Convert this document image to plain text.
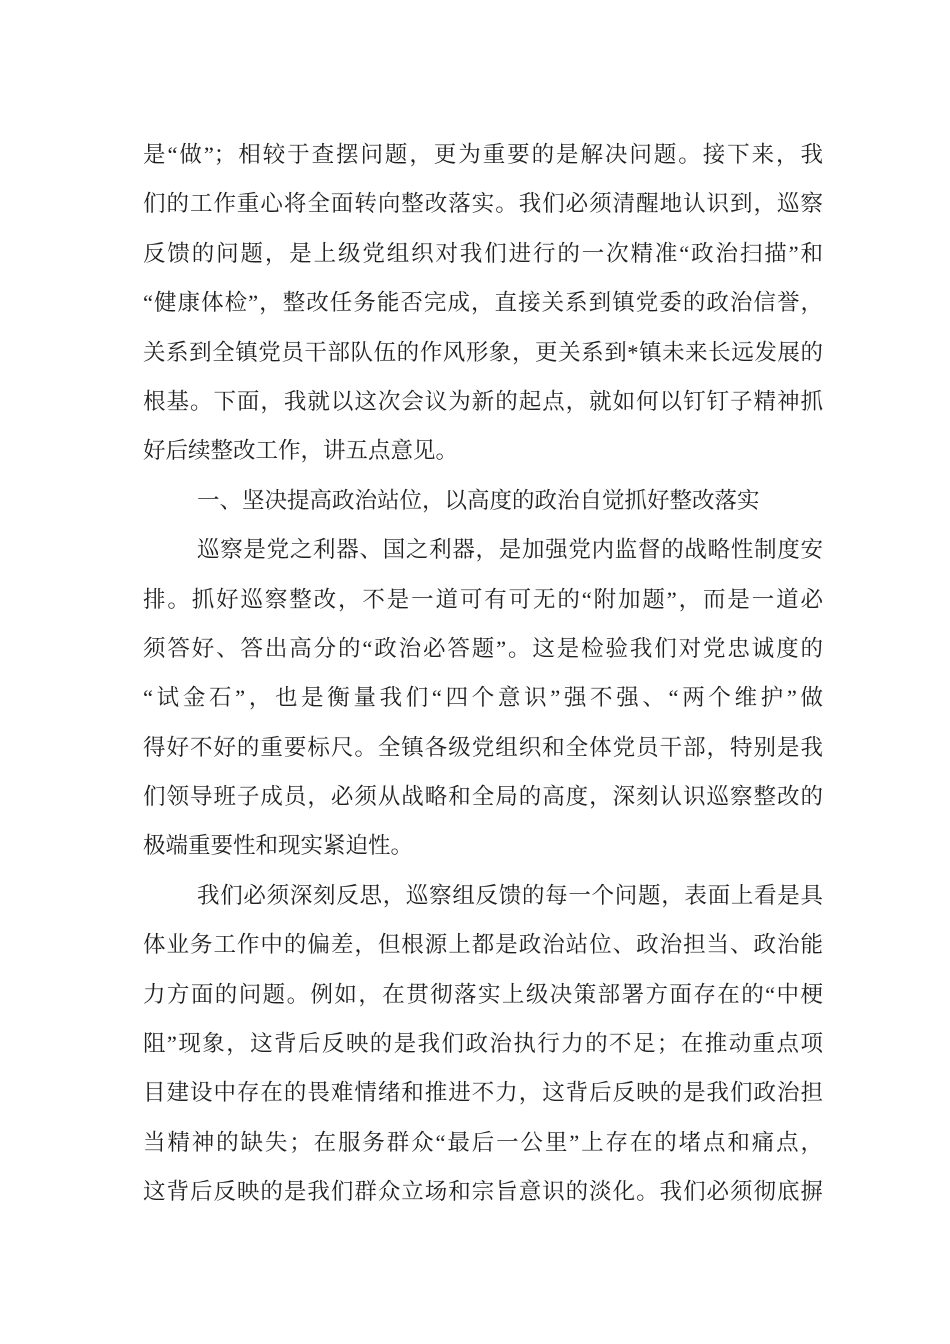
是“做”；相较于查摆问题，更为重要的是解决问题。接下来，我
们的工作重心将全面转向整改落实。我们必须清醒地认识到，巡察
反馈的问题，是上级党组织对我们进行的一次精准“政治扫描”和
“健康体检”，整改任务能否完成，直接关系到镇党委的政治信誉，
关系到全镇党员干部队伍的作风形象，更关系到*镇未来长远发展的
根基。下面，我就以这次会议为新的起点，就如何以钉钉子精神抓
好后续整改工作，讲五点意见。
一、坚决提高政治站位，以高度的政治自觉抓好整改落实
巡察是党之利器、国之利器，是加强党内监督的战略性制度安
排。抓好巡察整改，不是一道可有可无的“附加题”，而是一道必
须答好、答出高分的“政治必答题”。这是检验我们对党忠诚度的
“试金石”，也是衡量我们“四个意识”强不强、“两个维护”做
得好不好的重要标尺。全镇各级党组织和全体党员干部，特别是我
们领导班子成员，必须从战略和全局的高度，深刻认识巡察整改的
极端重要性和现实紧迫性。
我们必须深刻反思，巡察组反馈的每一个问题，表面上看是具
体业务工作中的偏差，但根源上都是政治站位、政治担当、政治能
力方面的问题。例如，在贯彻落实上级决策部署方面存在的“中梗
阻”现象，这背后反映的是我们政治执行力的不足；在推动重点项
目建设中存在的畏难情绪和推进不力，这背后反映的是我们政治担
当精神的缺失；在服务群众“最后一公里”上存在的堵点和痛点，
这背后反映的是我们群众立场和宗旨意识的淡化。我们必须彻底摒
